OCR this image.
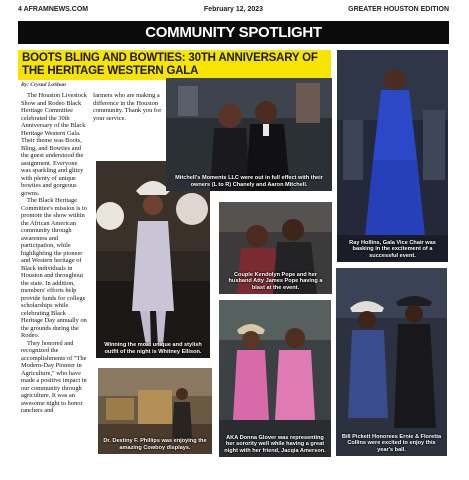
4 AFRAMNEWS.COM	February 12, 2023	GREATER HOUSTON EDITION
COMMUNITY SPOTLIGHT
BOOTS BLING AND BOWTIES: 30TH ANNIVERSARY OF THE HERITAGE WESTERN GALA
By: Crystal LaShan

The Houston Livestock Show and Rodeo Black Heritage Committee celebrated the 30th Anniversary of the Black Heritage Western Gala. Their theme was Boots, Bling, and Bowties and the guest understood the assignment. Everyone was sparkling and glitzy with plenty of unique bowties and gorgeous gowns.

The Black Heritage Committee's mission is to promote the show within the African American community through awareness and participation, while highlighting the pioneer and Western heritage of Black individuals in Houston and throughout the state. In addition, members' efforts help provide funds for college scholarships while celebrating Black Heritage Day annually on the grounds during the Rodeo.

They honored and recognized the accomplishments of "The Modern-Day Pioneer in Agriculture," who have made a positive impact in our community through agriculture. It was an awesome night to honor ranchers and

farmers who are making a difference in the Houston community. Thank you for your service.

Winning the most unique and stylish outfit of the night is Whitney Ellison.
Dr. Destiny F. Phillips was enjoying the amazing Cowboy displays.
Mitchell's Moments LLC were out in full effect with their owners (L to R) Chanely and Aaron Mitchell.
Couple Kendolyn Pope and her husband Atty James Pope having a blast at the event.
AKA Donna Glover was representing her sorority well while having a great night with her friend, Jacqia Amerson.
Ray Hollins, Gala Vice Chair was basking in the excitement of a successful event.
Bill Pickett Honorees Ernie & Floretta Collins were excited to enjoy this year's ball.
